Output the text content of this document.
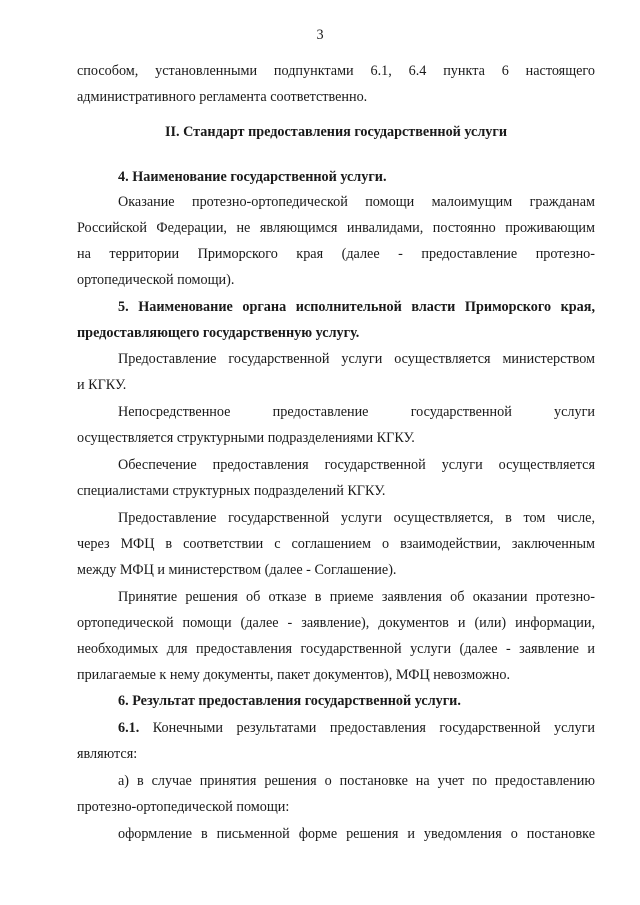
3
способом, установленными подпунктами 6.1, 6.4 пункта 6 настоящего
административного регламента соответственно.
II. Стандарт предоставления государственной услуги
4. Наименование государственной услуги.
Оказание протезно-ортопедической помощи малоимущим гражданам
Российской Федерации, не являющимся инвалидами, постоянно проживающим
на территории Приморского края (далее - предоставление протезно-
ортопедической помощи).
5. Наименование органа исполнительной власти Приморского края,
предоставляющего государственную услугу.
Предоставление государственной услуги осуществляется министерством
и КГКУ.
Непосредственное предоставление государственной услуги
осуществляется структурными подразделениями КГКУ.
Обеспечение предоставления государственной услуги осуществляется
специалистами структурных подразделений КГКУ.
Предоставление государственной услуги осуществляется, в том числе,
через МФЦ в соответствии с соглашением о взаимодействии, заключенным
между МФЦ и министерством (далее - Соглашение).
Принятие решения об отказе в приеме заявления об оказании протезно-
ортопедической помощи (далее - заявление), документов и (или) информации,
необходимых для предоставления государственной услуги (далее - заявление и
прилагаемые к нему документы, пакет документов), МФЦ невозможно.
6. Результат предоставления государственной услуги.
6.1. Конечными результатами предоставления государственной услуги
являются:
а) в случае принятия решения о постановке на учет по предоставлению
протезно-ортопедической помощи:
оформление в письменной форме решения и уведомления о постановке
